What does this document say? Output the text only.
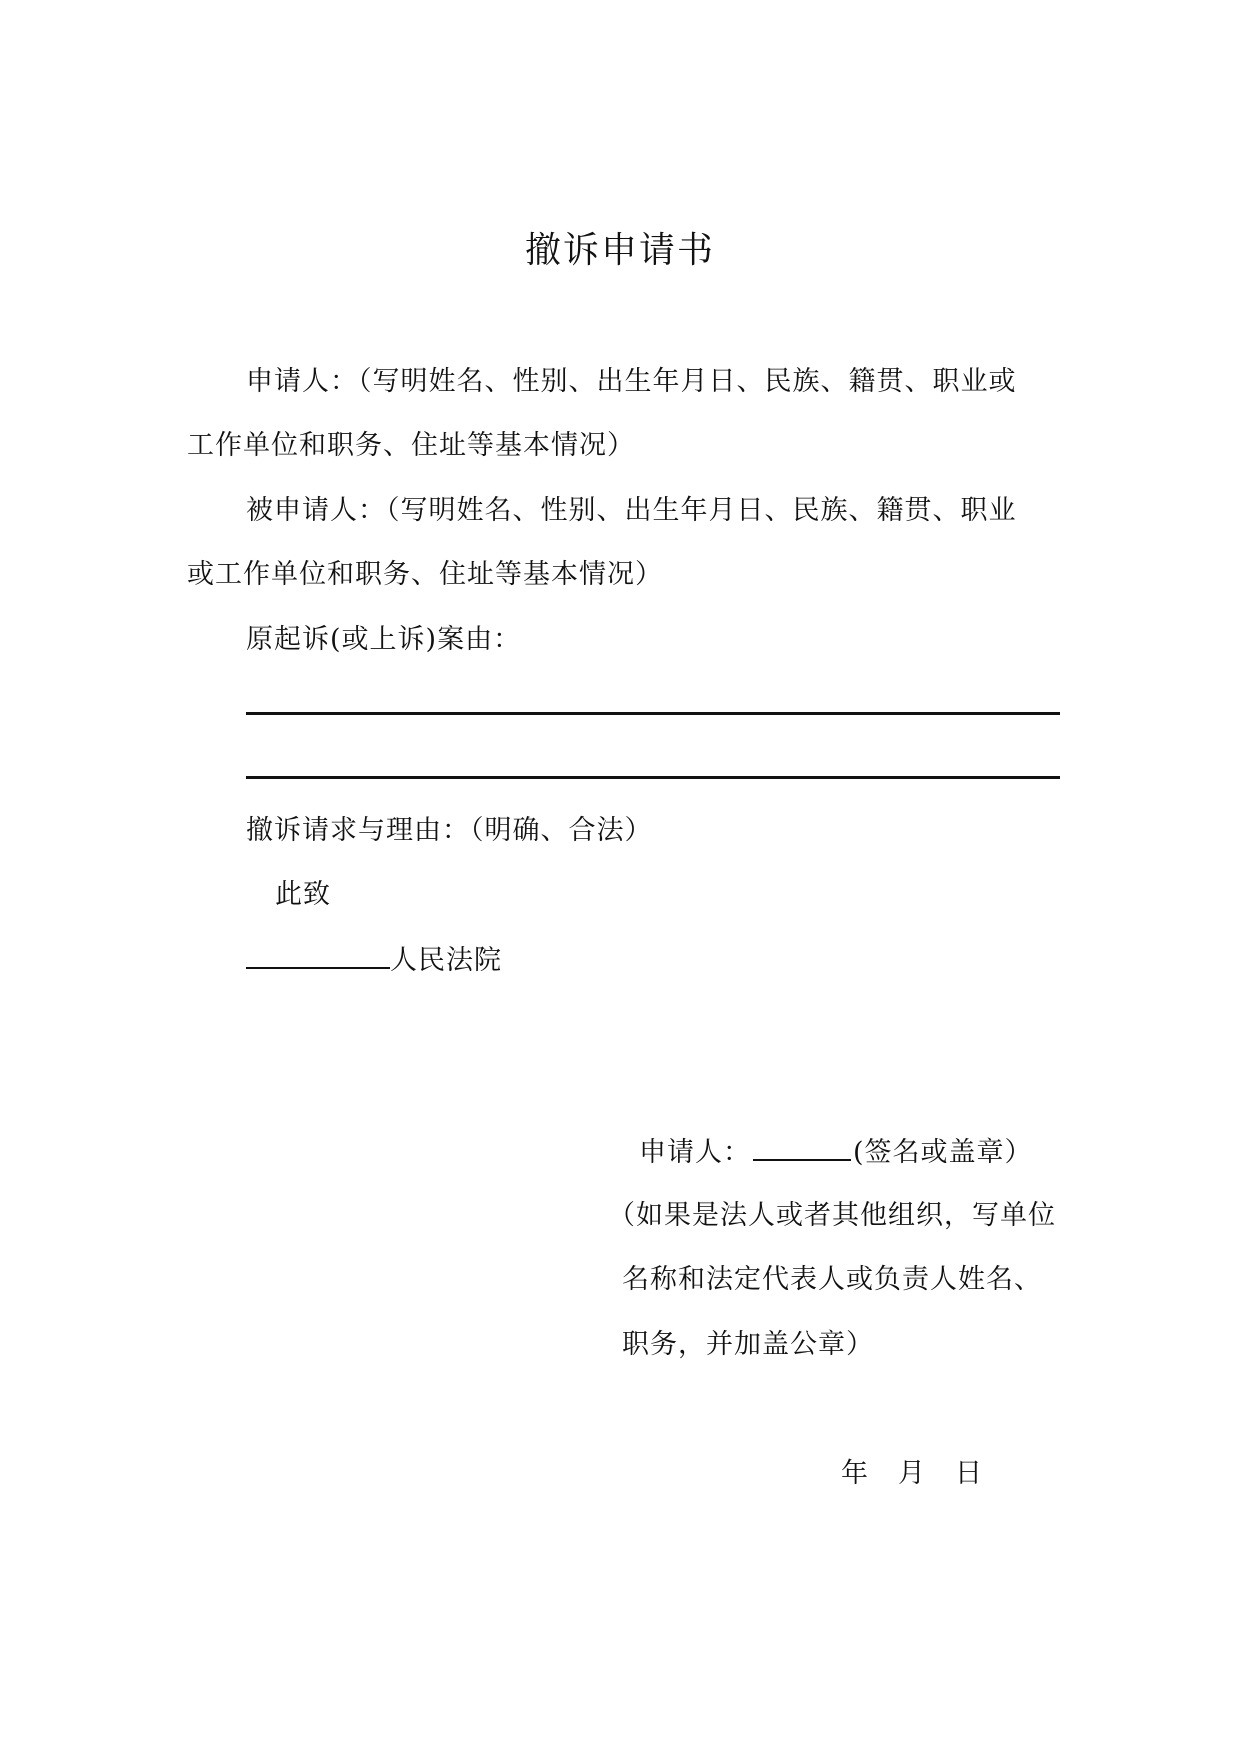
撤诉申请书
申请人：（写明姓名、性别、出生年月日、民族、籍贯、职业或
工作单位和职务、住址等基本情况）
被申请人：（写明姓名、性别、出生年月日、民族、籍贯、职业
或工作单位和职务、住址等基本情况）
原起诉(或上诉)案由：
撤诉请求与理由：（明确、合法）
此致
人民法院
申请人：	(签名或盖章）
（如果是法人或者其他组织，写单位
名称和法定代表人或负责人姓名、
职务，并加盖公章）
年 月 日
